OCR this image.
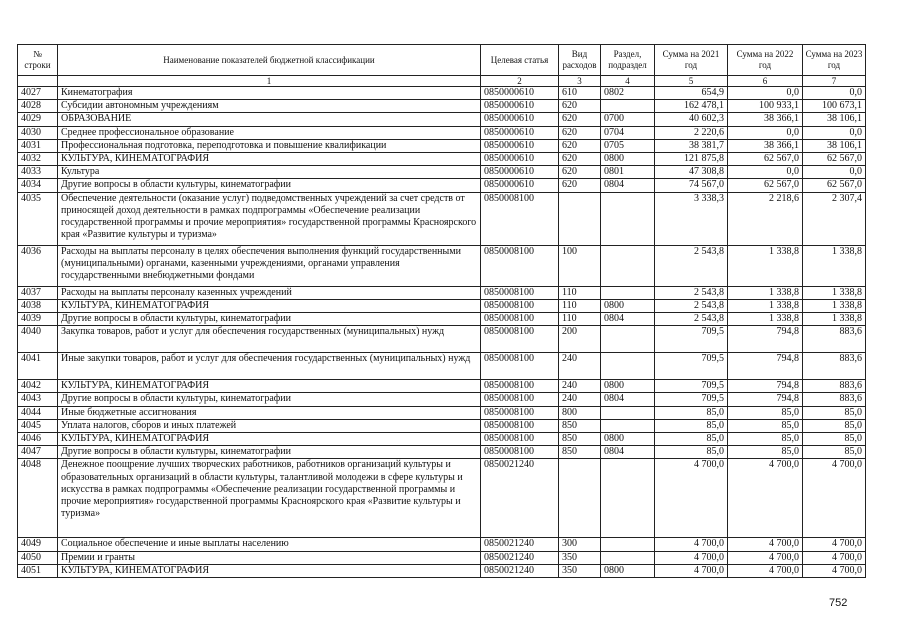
№ строки	Наименование показателей бюджетной классификации	Целевая статья	Вид расходов	Раздел, подраздел	Сумма на 2021 год	Сумма на 2022 год	Сумма на 2023 год
	1	2	3	4	5	6	7
4027	Кинематография	0850000610	610	0802	654,9	0,0	0,0
4028	Субсидии автономным учреждениям	0850000610	620		162 478,1	100 933,1	100 673,1
4029	ОБРАЗОВАНИЕ	0850000610	620	0700	40 602,3	38 366,1	38 106,1
4030	Среднее профессиональное образование	0850000610	620	0704	2 220,6	0,0	0,0
4031	Профессиональная подготовка, переподготовка и повышение квалификации	0850000610	620	0705	38 381,7	38 366,1	38 106,1
4032	КУЛЬТУРА, КИНЕМАТОГРАФИЯ	0850000610	620	0800	121 875,8	62 567,0	62 567,0
4033	Культура	0850000610	620	0801	47 308,8	0,0	0,0
4034	Другие вопросы в области культуры, кинематографии	0850000610	620	0804	74 567,0	62 567,0	62 567,0
4035	Обеспечение деятельности (оказание услуг) подведомственных учреждений за счет средств от приносящей доход деятельности в рамках подпрограммы «Обеспечение реализации государственной программы и прочие мероприятия» государственной программы Красноярского края «Развитие культуры и туризма»	0850008100			3 338,3	2 218,6	2 307,4
4036	Расходы на выплаты персоналу в целях обеспечения выполнения функций государственными (муниципальными) органами, казенными учреждениями, органами управления государственными внебюджетными фондами	0850008100	100		2 543,8	1 338,8	1 338,8
4037	Расходы на выплаты персоналу казенных учреждений	0850008100	110		2 543,8	1 338,8	1 338,8
4038	КУЛЬТУРА, КИНЕМАТОГРАФИЯ	0850008100	110	0800	2 543,8	1 338,8	1 338,8
4039	Другие вопросы в области культуры, кинематографии	0850008100	110	0804	2 543,8	1 338,8	1 338,8
4040	Закупка товаров, работ и услуг для обеспечения государственных (муниципальных) нужд	0850008100	200		709,5	794,8	883,6
4041	Иные закупки товаров, работ и услуг для обеспечения государственных (муниципальных) нужд	0850008100	240		709,5	794,8	883,6
4042	КУЛЬТУРА, КИНЕМАТОГРАФИЯ	0850008100	240	0800	709,5	794,8	883,6
4043	Другие вопросы в области культуры, кинематографии	0850008100	240	0804	709,5	794,8	883,6
4044	Иные бюджетные ассигнования	0850008100	800		85,0	85,0	85,0
4045	Уплата налогов, сборов и иных платежей	0850008100	850		85,0	85,0	85,0
4046	КУЛЬТУРА, КИНЕМАТОГРАФИЯ	0850008100	850	0800	85,0	85,0	85,0
4047	Другие вопросы в области культуры, кинематографии	0850008100	850	0804	85,0	85,0	85,0
4048	Денежное поощрение лучших творческих работников, работников организаций культуры и образовательных организаций в области культуры, талантливой молодежи в сфере культуры и искусства в рамках подпрограммы «Обеспечение реализации государственной программы и прочие мероприятия» государственной программы Красноярского края «Развитие культуры и туризма»	0850021240			4 700,0	4 700,0	4 700,0
4049	Социальное обеспечение и иные выплаты населению	0850021240	300		4 700,0	4 700,0	4 700,0
4050	Премии и гранты	0850021240	350		4 700,0	4 700,0	4 700,0
4051	КУЛЬТУРА, КИНЕМАТОГРАФИЯ	0850021240	350	0800	4 700,0	4 700,0	4 700,0
752
